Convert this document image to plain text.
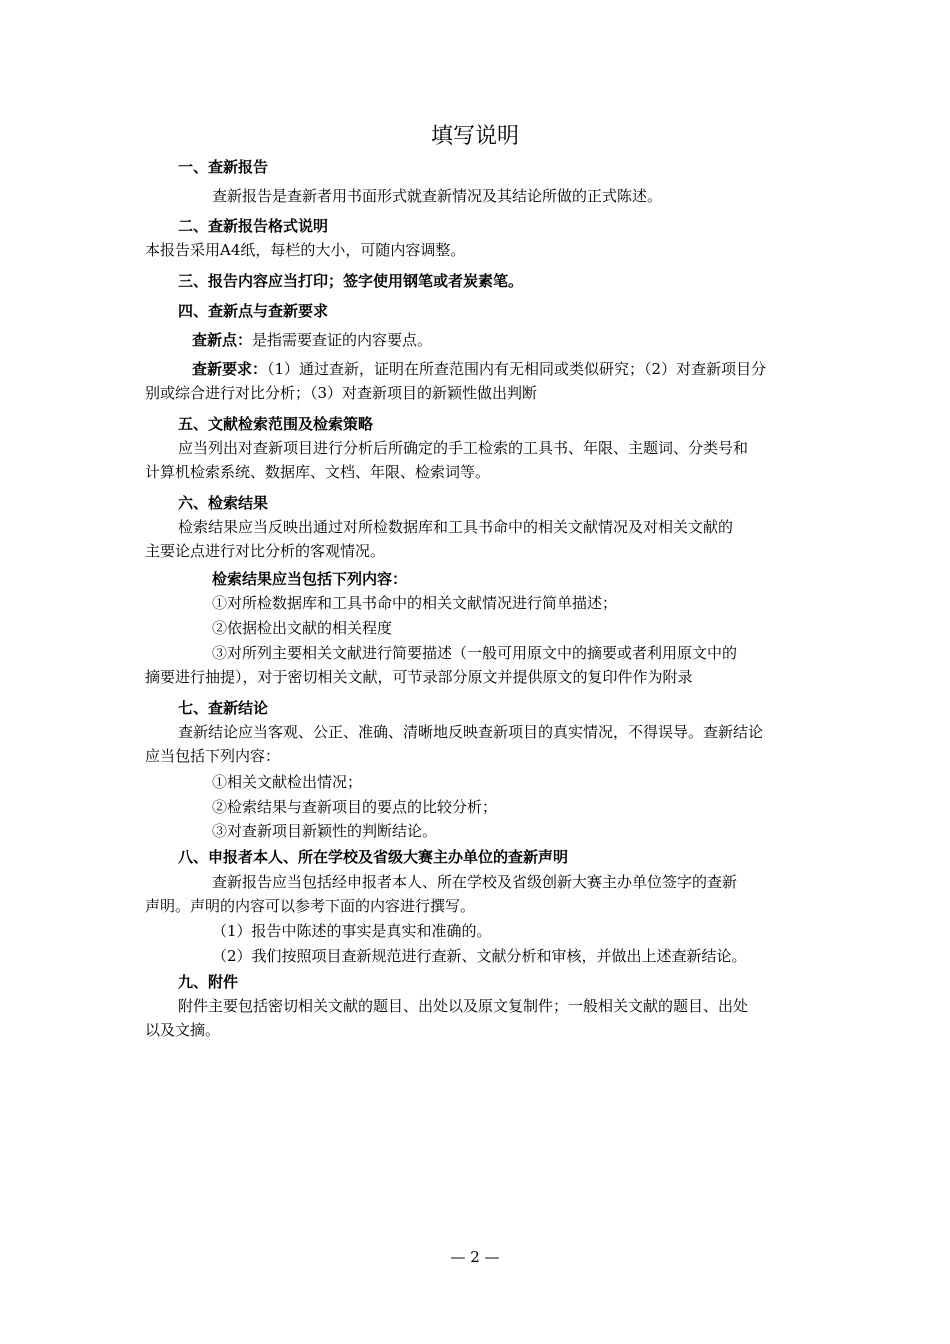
填写说明
一、查新报告
查新报告是查新者用书面形式就查新情况及其结论所做的正式陈述。
二、查新报告格式说明
本报告采用A4纸，每栏的大小，可随内容调整。
三、报告内容应当打印；签字使用钢笔或者炭素笔。
四、查新点与查新要求
查新点：是指需要查证的内容要点。
查新要求：（1）通过查新，证明在所查范围内有无相同或类似研究；（2）对查新项目分
别或综合进行对比分析；（3）对查新项目的新颖性做出判断
五、文献检索范围及检索策略
应当列出对查新项目进行分析后所确定的手工检索的工具书、年限、主题词、分类号和
计算机检索系统、数据库、文档、年限、检索词等。
六、检索结果
检索结果应当反映出通过对所检数据库和工具书命中的相关文献情况及对相关文献的
主要论点进行对比分析的客观情况。
检索结果应当包括下列内容：
①对所检数据库和工具书命中的相关文献情况进行简单描述；
②依据检出文献的相关程度
③对所列主要相关文献进行简要描述（一般可用原文中的摘要或者利用原文中的
摘要进行抽提），对于密切相关文献，可节录部分原文并提供原文的复印件作为附录
七、查新结论
查新结论应当客观、公正、准确、清晰地反映查新项目的真实情况，不得误导。查新结论
应当包括下列内容：
①相关文献检出情况；
②检索结果与查新项目的要点的比较分析；
③对查新项目新颖性的判断结论。
八、申报者本人、所在学校及省级大赛主办单位的查新声明
查新报告应当包括经申报者本人、所在学校及省级创新大赛主办单位签字的查新
声明。声明的内容可以参考下面的内容进行撰写。
（1）报告中陈述的事实是真实和准确的。
（2）我们按照项目查新规范进行查新、文献分析和审核，并做出上述查新结论。
九、附件
附件主要包括密切相关文献的题目、出处以及原文复制件；一般相关文献的题目、出处
以及文摘。
— 2 —
